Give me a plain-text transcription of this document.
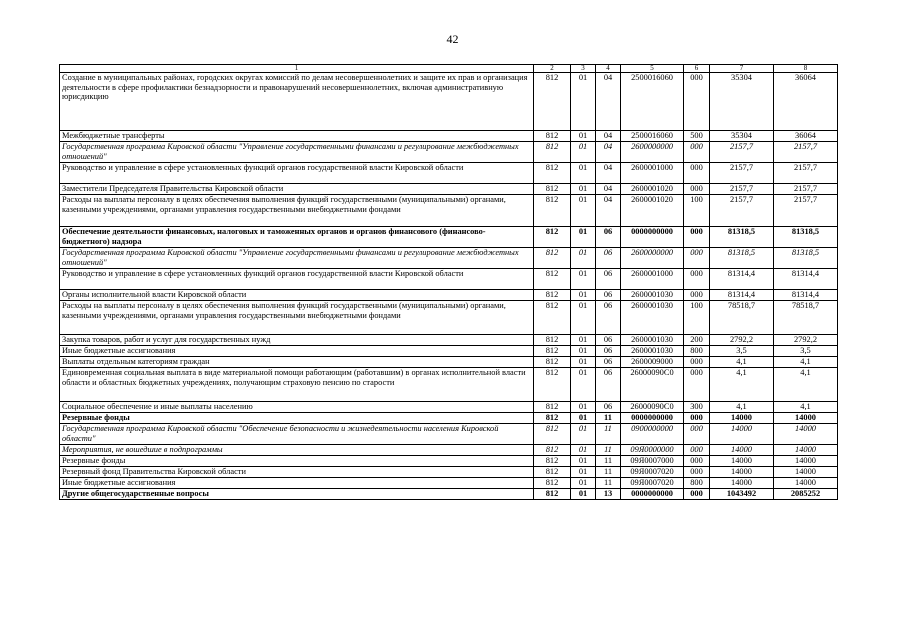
42
1	2	3	4	5	6	7	8
Создание в муниципальных районах, городских округах комиссий по делам несовершеннолетних и защите их прав и организация деятельности в сфере профилактики безнадзорности и правонарушений несовершеннолетних, включая административную юрисдикцию	812	01	04	2500016060	000	35304	36064
Межбюджетные трансферты	812	01	04	2500016060	500	35304	36064
Государственная программа Кировской области "Управление государственными финансами и регулирование межбюджетных отношений"	812	01	04	2600000000	000	2157,7	2157,7
Руководство и управление в сфере установленных функций органов государственной власти Кировской области	812	01	04	2600001000	000	2157,7	2157,7
Заместители Председателя Правительства Кировской области	812	01	04	2600001020	000	2157,7	2157,7
Расходы на выплаты персоналу в целях обеспечения выполнения функций государственными (муниципальными) органами, казенными учреждениями, органами управления государственными внебюджетными фондами	812	01	04	2600001020	100	2157,7	2157,7
Обеспечение деятельности финансовых, налоговых и таможенных органов и органов финансового (финансово-бюджетного) надзора	812	01	06	0000000000	000	81318,5	81318,5
Государственная программа Кировской области "Управление государственными финансами и регулирование межбюджетных отношений"	812	01	06	2600000000	000	81318,5	81318,5
Руководство и управление в сфере установленных функций органов государственной власти Кировской области	812	01	06	2600001000	000	81314,4	81314,4
Органы исполнительной власти Кировской области	812	01	06	2600001030	000	81314,4	81314,4
Расходы на выплаты персоналу в целях обеспечения выполнения функций государственными (муниципальными) органами, казенными учреждениями, органами управления государственными внебюджетными фондами	812	01	06	2600001030	100	78518,7	78518,7
Закупка товаров, работ и услуг для государственных нужд	812	01	06	2600001030	200	2792,2	2792,2
Иные бюджетные ассигнования	812	01	06	2600001030	800	3,5	3,5
Выплаты отдельным категориям граждан	812	01	06	2600009000	000	4,1	4,1
Единовременная социальная выплата в виде материальной помощи работающим (работавшим) в органах исполнительной власти области и областных бюджетных учреждениях, получающим страховую пенсию по старости	812	01	06	26000090C0	000	4,1	4,1
Социальное обеспечение и иные выплаты населению	812	01	06	26000090C0	300	4,1	4,1
Резервные фонды	812	01	11	0000000000	000	14000	14000
Государственная программа Кировской области "Обеспечение безопасности и жизнедеятельности населения Кировской области"	812	01	11	0900000000	000	14000	14000
Мероприятия, не вошедшие в подпрограммы	812	01	11	09Я0000000	000	14000	14000
Резервные фонды	812	01	11	09Я0007000	000	14000	14000
Резервный фонд Правительства Кировской области	812	01	11	09Я0007020	000	14000	14000
Иные бюджетные ассигнования	812	01	11	09Я0007020	800	14000	14000
Другие общегосударственные вопросы	812	01	13	0000000000	000	1043492	2085252
